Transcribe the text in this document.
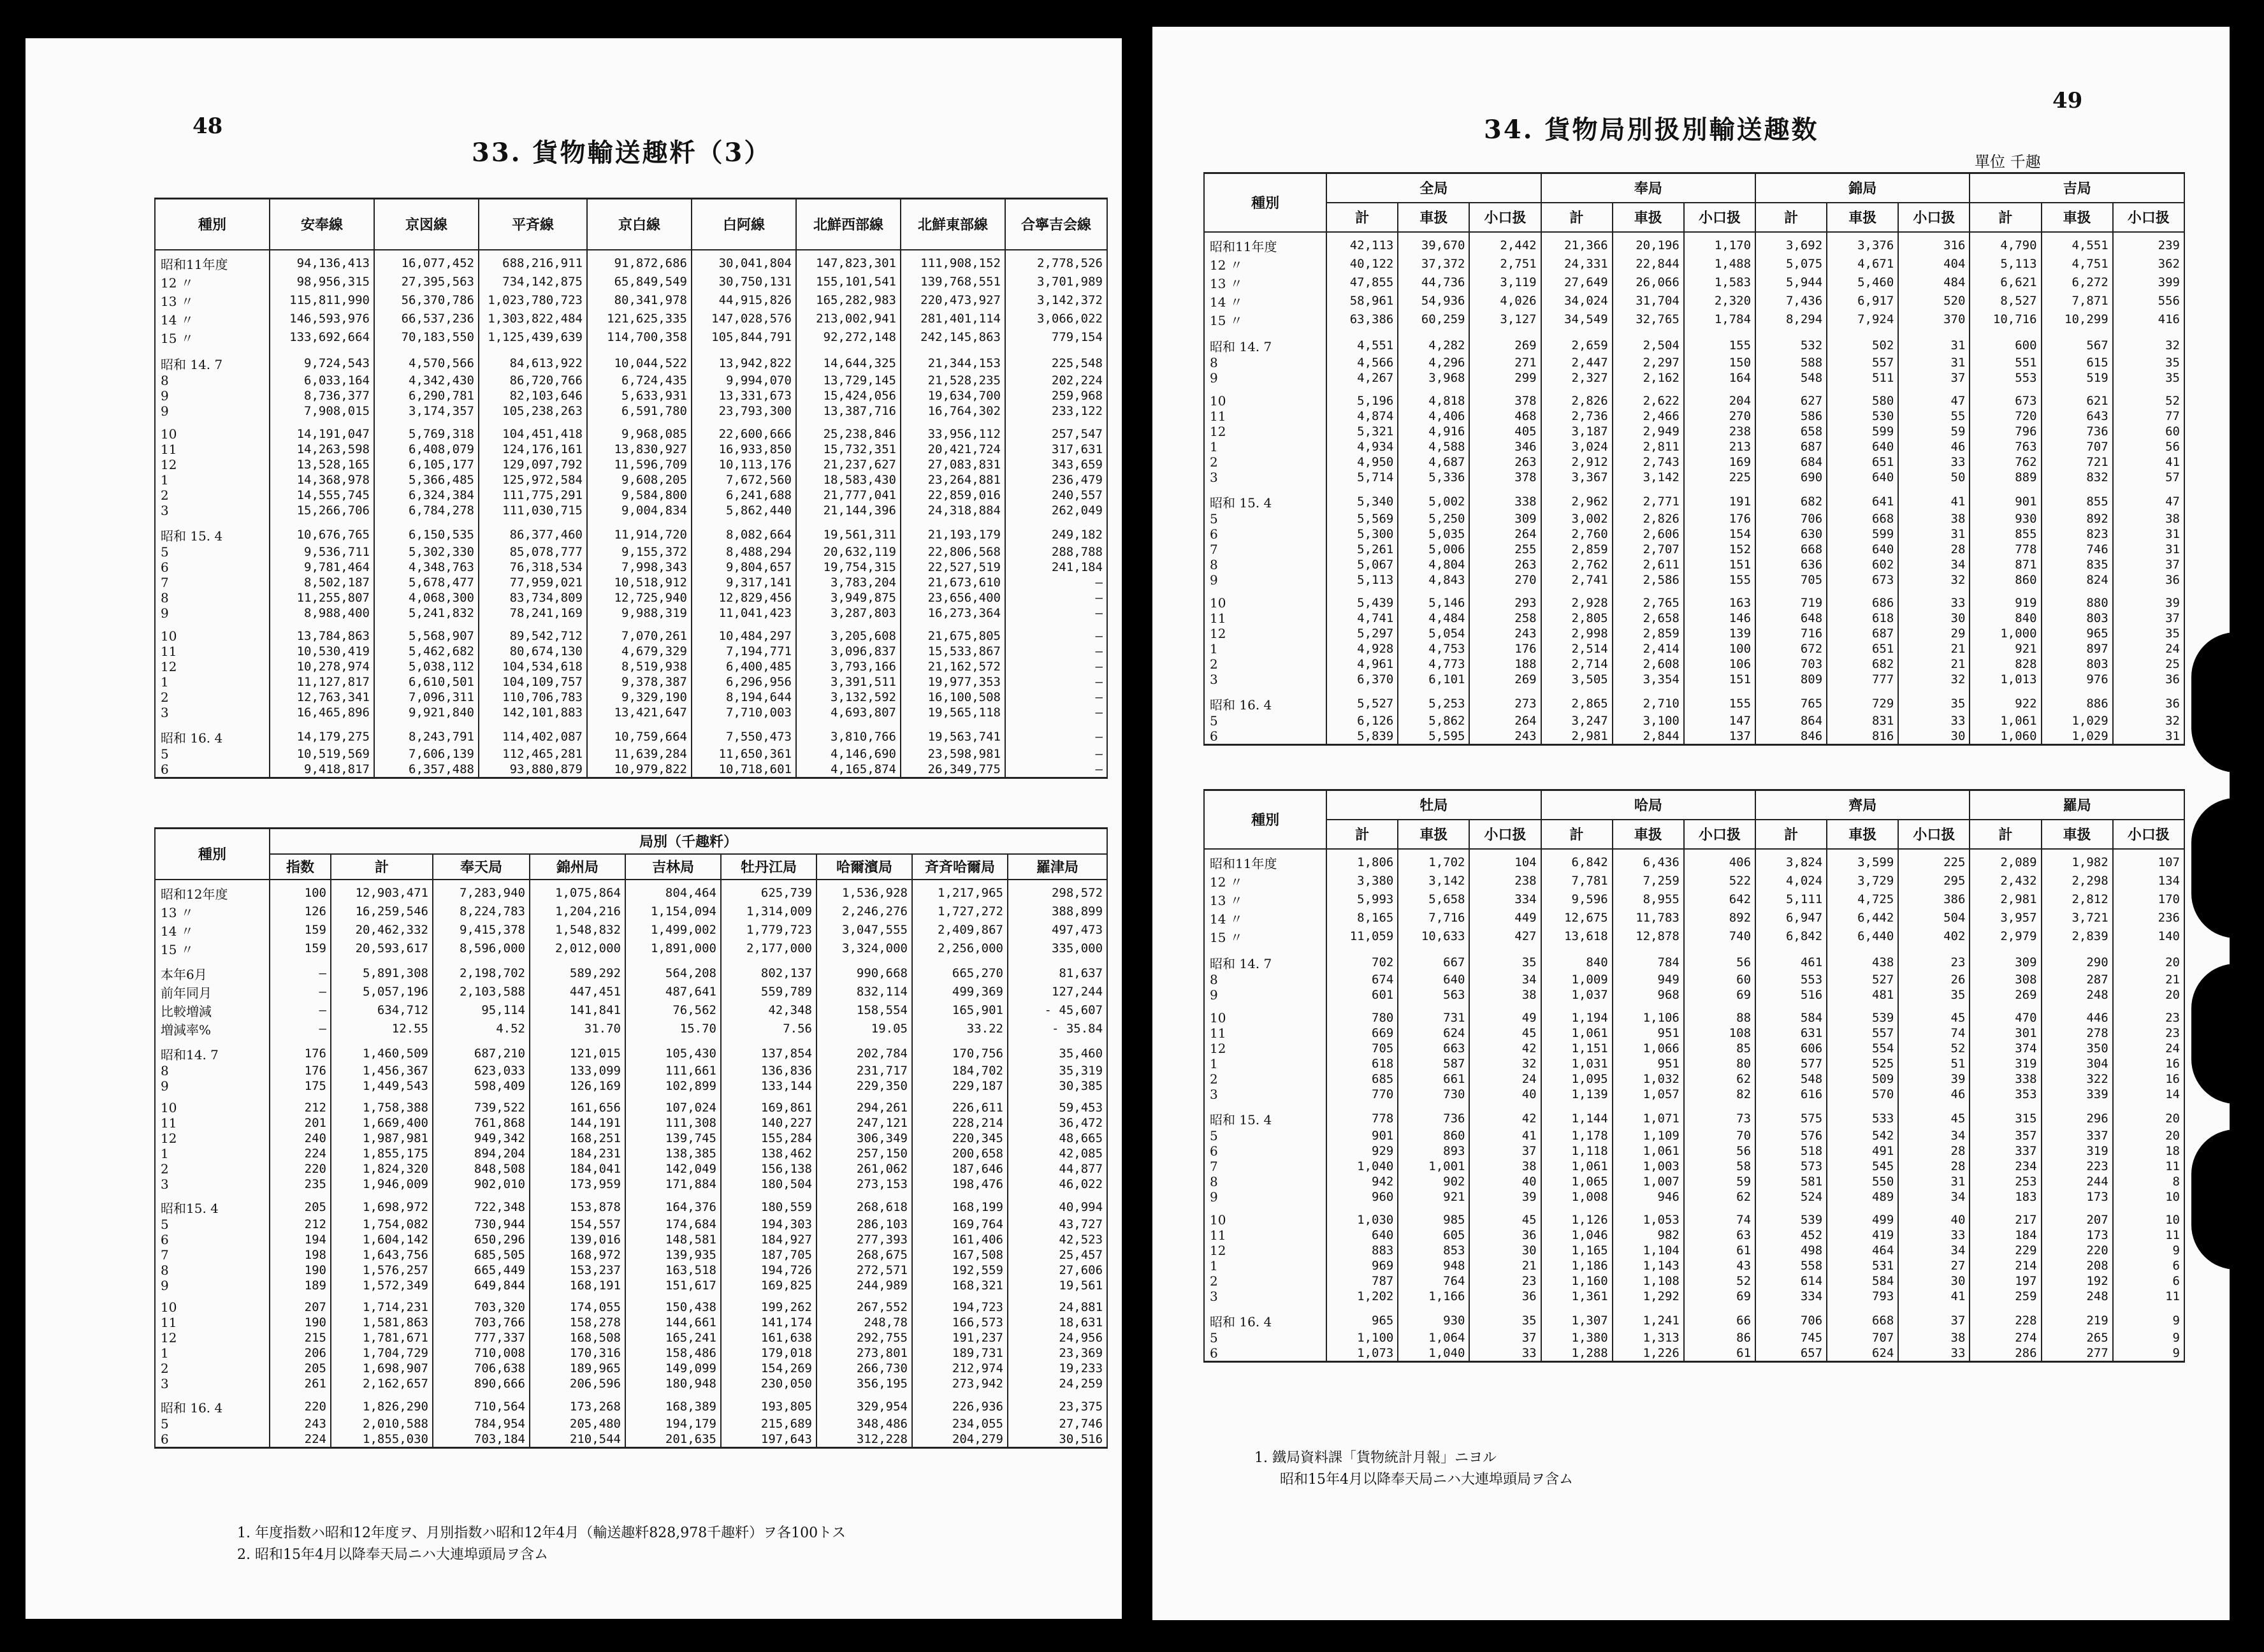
48
33. 貨物輸送趣粁（3）
種別	安奉線	京図線	平斉線	京白線	白阿線	北鮮西部線	北鮮東部線	合寧吉会線
昭和11年度	94,136,413	16,077,452	688,216,911	91,872,686	30,041,804	147,823,301	111,908,152	2,778,526
12 〃	98,956,315	27,395,563	734,142,875	65,849,549	30,750,131	155,101,541	139,768,551	3,701,989
13 〃	115,811,990	56,370,786	1,023,780,723	80,341,978	44,915,826	165,282,983	220,473,927	3,142,372
14 〃	146,593,976	66,537,236	1,303,822,484	121,625,335	147,028,576	213,002,941	281,401,114	3,066,022
15 〃	133,692,664	70,183,550	1,125,439,639	114,700,358	105,844,791	92,272,148	242,145,863	779,154

昭和 14. 7	9,724,543	4,570,566	84,613,922	10,044,522	13,942,822	14,644,325	21,344,153	225,548
8	6,033,164	4,342,430	86,720,766	6,724,435	9,994,070	13,729,145	21,528,235	202,224
9	8,736,377	6,290,781	82,103,646	5,633,931	13,331,673	15,424,056	19,634,700	259,968
9	7,908,015	3,174,357	105,238,263	6,591,780	23,793,300	13,387,716	16,764,302	233,122

10	14,191,047	5,769,318	104,451,418	9,968,085	22,600,666	25,238,846	33,956,112	257,547
11	14,263,598	6,408,079	124,176,161	13,830,927	16,933,850	15,732,351	20,421,724	317,631
12	13,528,165	6,105,177	129,097,792	11,596,709	10,113,176	21,237,627	27,083,831	343,659
1	14,368,978	5,366,485	125,972,584	9,608,205	7,672,560	18,583,430	23,264,881	236,479
2	14,555,745	6,324,384	111,775,291	9,584,800	6,241,688	21,777,041	22,859,016	240,557
3	15,266,706	6,784,278	111,030,715	9,004,834	5,862,440	21,144,396	24,318,884	262,049

昭和 15. 4	10,676,765	6,150,535	86,377,460	11,914,720	8,082,664	19,561,311	21,193,179	249,182
5	9,536,711	5,302,330	85,078,777	9,155,372	8,488,294	20,632,119	22,806,568	288,788
6	9,781,464	4,348,763	76,318,534	7,998,343	9,804,657	19,754,315	22,527,519	241,184
7	8,502,187	5,678,477	77,959,021	10,518,912	9,317,141	3,783,204	21,673,610	—
8	11,255,807	4,068,300	83,734,809	12,725,940	12,829,456	3,949,875	23,656,400	—
9	8,988,400	5,241,832	78,241,169	9,988,319	11,041,423	3,287,803	16,273,364	—

10	13,784,863	5,568,907	89,542,712	7,070,261	10,484,297	3,205,608	21,675,805	—
11	10,530,419	5,462,682	80,674,130	4,679,329	7,194,771	3,096,837	15,533,867	—
12	10,278,974	5,038,112	104,534,618	8,519,938	6,400,485	3,793,166	21,162,572	—
1	11,127,817	6,610,501	104,109,757	9,378,387	6,296,956	3,391,511	19,977,353	—
2	12,763,341	7,096,311	110,706,783	9,329,190	8,194,644	3,132,592	16,100,508	—
3	16,465,896	9,921,840	142,101,883	13,421,647	7,710,003	4,693,807	19,565,118	—

昭和 16. 4	14,179,275	8,243,791	114,402,087	10,759,664	7,550,473	3,810,766	19,563,741	—
5	10,519,569	7,606,139	112,465,281	11,639,284	11,650,361	4,146,690	23,598,981	—
6	9,418,817	6,357,488	93,880,879	10,979,822	10,718,601	4,165,874	26,349,775	—
種別	局別（千趣粁）								
	指数	計	奉天局	錦州局	吉林局	牡丹江局	哈爾濱局	斉斉哈爾局	羅津局
昭和12年度	100	12,903,471	7,283,940	1,075,864	804,464	625,739	1,536,928	1,217,965	298,572
13 〃	126	16,259,546	8,224,783	1,204,216	1,154,094	1,314,009	2,246,276	1,727,272	388,899
14 〃	159	20,462,332	9,415,378	1,548,832	1,499,002	1,779,723	3,047,555	2,409,867	497,473
15 〃	159	20,593,617	8,596,000	2,012,000	1,891,000	2,177,000	3,324,000	2,256,000	335,000

本年6月	—	5,891,308	2,198,702	589,292	564,208	802,137	990,668	665,270	81,637
前年同月	—	5,057,196	2,103,588	447,451	487,641	559,789	832,114	499,369	127,244
比較増減	—	634,712	95,114	141,841	76,562	42,348	158,554	165,901	- 45,607
増減率%	—	12.55	4.52	31.70	15.70	7.56	19.05	33.22	- 35.84

昭和14. 7	176	1,460,509	687,210	121,015	105,430	137,854	202,784	170,756	35,460
8	176	1,456,367	623,033	133,099	111,661	136,836	231,717	184,702	35,319
9	175	1,449,543	598,409	126,169	102,899	133,144	229,350	229,187	30,385

10	212	1,758,388	739,522	161,656	107,024	169,861	294,261	226,611	59,453
11	201	1,669,400	761,868	144,191	111,308	140,227	247,121	228,214	36,472
12	240	1,987,981	949,342	168,251	139,745	155,284	306,349	220,345	48,665
1	224	1,855,175	894,204	184,231	138,385	138,462	257,150	200,658	42,085
2	220	1,824,320	848,508	184,041	142,049	156,138	261,062	187,646	44,877
3	235	1,946,009	902,010	173,959	171,884	180,504	273,153	198,476	46,022

昭和15. 4	205	1,698,972	722,348	153,878	164,376	180,559	268,618	168,199	40,994
5	212	1,754,082	730,944	154,557	174,684	194,303	286,103	169,764	43,727
6	194	1,604,142	650,296	139,016	148,581	184,927	277,393	161,406	42,523
7	198	1,643,756	685,505	168,972	139,935	187,705	268,675	167,508	25,457
8	190	1,576,257	665,449	153,237	163,518	194,726	272,571	192,559	27,606
9	189	1,572,349	649,844	168,191	151,617	169,825	244,989	168,321	19,561

10	207	1,714,231	703,320	174,055	150,438	199,262	267,552	194,723	24,881
11	190	1,581,863	703,766	158,278	144,661	141,174	248,78	166,573	18,631
12	215	1,781,671	777,337	168,508	165,241	161,638	292,755	191,237	24,956
1	206	1,704,729	710,008	170,316	158,486	179,018	273,801	189,731	23,369
2	205	1,698,907	706,638	189,965	149,099	154,269	266,730	212,974	19,233
3	261	2,162,657	890,666	206,596	180,948	230,050	356,195	273,942	24,259

昭和 16. 4	220	1,826,290	710,564	173,268	168,389	193,805	329,954	226,936	23,375
5	243	2,010,588	784,954	205,480	194,179	215,689	348,486	234,055	27,746
6	224	1,855,030	703,184	210,544	201,635	197,643	312,228	204,279	30,516
1. 年度指数ハ昭和12年度ヲ、月別指数ハ昭和12年4月（輸送趣粁828,978千趣粁）ヲ各100トス
2. 昭和15年4月以降奉天局ニハ大連埠頭局ヲ含ム
49
34. 貨物局別扱別輸送趣数
單位 千趣
種別	全局			奉局			錦局			吉局		
	計	車扱	小口扱	計	車扱	小口扱	計	車扱	小口扱	計	車扱	小口扱
昭和11年度	42,113	39,670	2,442	21,366	20,196	1,170	3,692	3,376	316	4,790	4,551	239
12 〃	40,122	37,372	2,751	24,331	22,844	1,488	5,075	4,671	404	5,113	4,751	362
13 〃	47,855	44,736	3,119	27,649	26,066	1,583	5,944	5,460	484	6,621	6,272	399
14 〃	58,961	54,936	4,026	34,024	31,704	2,320	7,436	6,917	520	8,527	7,871	556
15 〃	63,386	60,259	3,127	34,549	32,765	1,784	8,294	7,924	370	10,716	10,299	416

昭和 14. 7	4,551	4,282	269	2,659	2,504	155	532	502	31	600	567	32
8	4,566	4,296	271	2,447	2,297	150	588	557	31	551	615	35
9	4,267	3,968	299	2,327	2,162	164	548	511	37	553	519	35

10	5,196	4,818	378	2,826	2,622	204	627	580	47	673	621	52
11	4,874	4,406	468	2,736	2,466	270	586	530	55	720	643	77
12	5,321	4,916	405	3,187	2,949	238	658	599	59	796	736	60
1	4,934	4,588	346	3,024	2,811	213	687	640	46	763	707	56
2	4,950	4,687	263	2,912	2,743	169	684	651	33	762	721	41
3	5,714	5,336	378	3,367	3,142	225	690	640	50	889	832	57

昭和 15. 4	5,340	5,002	338	2,962	2,771	191	682	641	41	901	855	47
5	5,569	5,250	309	3,002	2,826	176	706	668	38	930	892	38
6	5,300	5,035	264	2,760	2,606	154	630	599	31	855	823	31
7	5,261	5,006	255	2,859	2,707	152	668	640	28	778	746	31
8	5,067	4,804	263	2,762	2,611	151	636	602	34	871	835	37
9	5,113	4,843	270	2,741	2,586	155	705	673	32	860	824	36

10	5,439	5,146	293	2,928	2,765	163	719	686	33	919	880	39
11	4,741	4,484	258	2,805	2,658	146	648	618	30	840	803	37
12	5,297	5,054	243	2,998	2,859	139	716	687	29	1,000	965	35
1	4,928	4,753	176	2,514	2,414	100	672	651	21	921	897	24
2	4,961	4,773	188	2,714	2,608	106	703	682	21	828	803	25
3	6,370	6,101	269	3,505	3,354	151	809	777	32	1,013	976	36

昭和 16. 4	5,527	5,253	273	2,865	2,710	155	765	729	35	922	886	36
5	6,126	5,862	264	3,247	3,100	147	864	831	33	1,061	1,029	32
6	5,839	5,595	243	2,981	2,844	137	846	816	30	1,060	1,029	31
種別	牡局			哈局			齊局			羅局		
	計	車扱	小口扱	計	車扱	小口扱	計	車扱	小口扱	計	車扱	小口扱
昭和11年度	1,806	1,702	104	6,842	6,436	406	3,824	3,599	225	2,089	1,982	107
12 〃	3,380	3,142	238	7,781	7,259	522	4,024	3,729	295	2,432	2,298	134
13 〃	5,993	5,658	334	9,596	8,955	642	5,111	4,725	386	2,981	2,812	170
14 〃	8,165	7,716	449	12,675	11,783	892	6,947	6,442	504	3,957	3,721	236
15 〃	11,059	10,633	427	13,618	12,878	740	6,842	6,440	402	2,979	2,839	140

昭和 14. 7	702	667	35	840	784	56	461	438	23	309	290	20
8	674	640	34	1,009	949	60	553	527	26	308	287	21
9	601	563	38	1,037	968	69	516	481	35	269	248	20

10	780	731	49	1,194	1,106	88	584	539	45	470	446	23
11	669	624	45	1,061	951	108	631	557	74	301	278	23
12	705	663	42	1,151	1,066	85	606	554	52	374	350	24
1	618	587	32	1,031	951	80	577	525	51	319	304	16
2	685	661	24	1,095	1,032	62	548	509	39	338	322	16
3	770	730	40	1,139	1,057	82	616	570	46	353	339	14

昭和 15. 4	778	736	42	1,144	1,071	73	575	533	45	315	296	20
5	901	860	41	1,178	1,109	70	576	542	34	357	337	20
6	929	893	37	1,118	1,061	56	518	491	28	337	319	18
7	1,040	1,001	38	1,061	1,003	58	573	545	28	234	223	11
8	942	902	40	1,065	1,007	59	581	550	31	253	244	8
9	960	921	39	1,008	946	62	524	489	34	183	173	10

10	1,030	985	45	1,126	1,053	74	539	499	40	217	207	10
11	640	605	36	1,046	982	63	452	419	33	184	173	11
12	883	853	30	1,165	1,104	61	498	464	34	229	220	9
1	969	948	21	1,186	1,143	43	558	531	27	214	208	6
2	787	764	23	1,160	1,108	52	614	584	30	197	192	6
3	1,202	1,166	36	1,361	1,292	69	334	793	41	259	248	11

昭和 16. 4	965	930	35	1,307	1,241	66	706	668	37	228	219	9
5	1,100	1,064	37	1,380	1,313	86	745	707	38	274	265	9
6	1,073	1,040	33	1,288	1,226	61	657	624	33	286	277	9
1. 鐵局資料課「貨物統計月報」ニヨル
昭和15年4月以降奉天局ニハ大連埠頭局ヲ含ム
